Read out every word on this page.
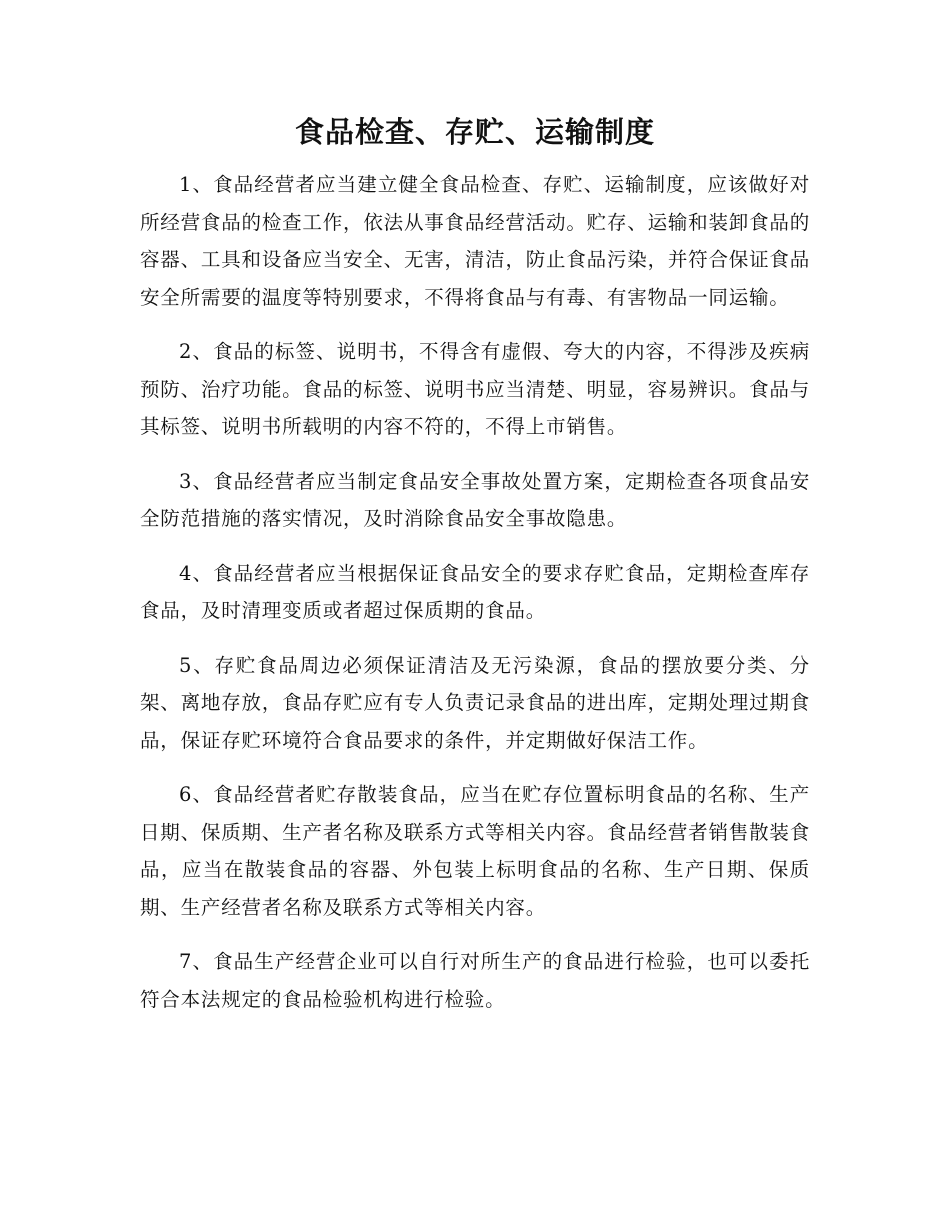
食品检查、存贮、运输制度

1、食品经营者应当建立健全食品检查、存贮、运输制度，应该做好对所经营食品的检查工作，依法从事食品经营活动。贮存、运输和装卸食品的容器、工具和设备应当安全、无害，清洁，防止食品污染，并符合保证食品安全所需要的温度等特别要求，不得将食品与有毒、有害物品一同运输。

2、食品的标签、说明书，不得含有虚假、夸大的内容，不得涉及疾病预防、治疗功能。食品的标签、说明书应当清楚、明显，容易辨识。食品与其标签、说明书所载明的内容不符的，不得上市销售。

3、食品经营者应当制定食品安全事故处置方案，定期检查各项食品安全防范措施的落实情况，及时消除食品安全事故隐患。

4、食品经营者应当根据保证食品安全的要求存贮食品，定期检查库存食品，及时清理变质或者超过保质期的食品。

5、存贮食品周边必须保证清洁及无污染源，食品的摆放要分类、分架、离地存放，食品存贮应有专人负责记录食品的进出库，定期处理过期食品，保证存贮环境符合食品要求的条件，并定期做好保洁工作。

6、食品经营者贮存散装食品，应当在贮存位置标明食品的名称、生产日期、保质期、生产者名称及联系方式等相关内容。食品经营者销售散装食品，应当在散装食品的容器、外包装上标明食品的名称、生产日期、保质期、生产经营者名称及联系方式等相关内容。

7、食品生产经营企业可以自行对所生产的食品进行检验，也可以委托符合本法规定的食品检验机构进行检验。
